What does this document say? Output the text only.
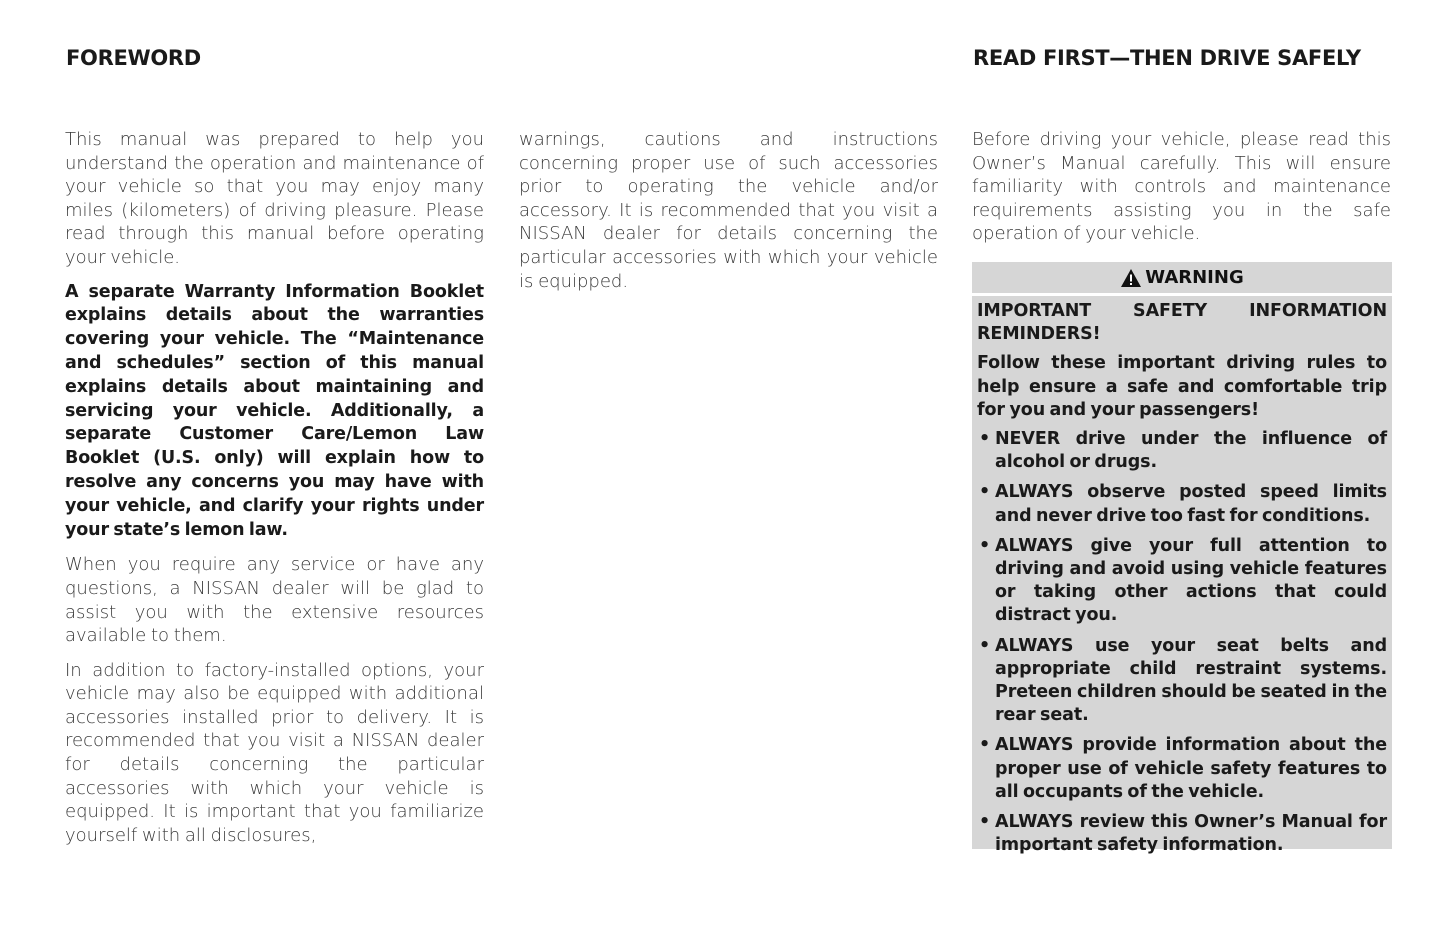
FOREWORD	READ FIRST—THEN DRIVE SAFELY

This manual was prepared to help you understand the operation and maintenance of your vehicle so that you may enjoy many miles (kilometers) of driving pleasure. Please read through this manual before operating your vehicle.

A separate Warranty Information Booklet explains details about the warranties covering your vehicle. The “Maintenance and schedules” section of this manual explains details about maintaining and servicing your vehicle. Additionally, a separate Customer Care/Lemon Law Booklet (U.S. only) will explain how to resolve any concerns you may have with your vehicle, and clarify your rights under your state’s lemon law.

When you require any service or have any questions, a NISSAN dealer will be glad to assist you with the extensive resources available to them.

In addition to factory-installed options, your vehicle may also be equipped with additional accessories installed prior to delivery. It is recommended that you visit a NISSAN dealer for details concerning the particular accessories with which your vehicle is equipped. It is important that you familiarize yourself with all disclosures,

warnings, cautions and instructions concerning proper use of such accessories prior to operating the vehicle and/or accessory. It is recommended that you visit a NISSAN dealer for details concerning the particular accessories with which your vehicle is equipped.

Before driving your vehicle, please read this Owner’s Manual carefully. This will ensure familiarity with controls and maintenance requirements assisting you in the safe operation of your vehicle.

WARNING

IMPORTANT SAFETY INFORMATION REMINDERS!

Follow these important driving rules to help ensure a safe and comfortable trip for you and your passengers!

• NEVER drive under the influence of alcohol or drugs.
• ALWAYS observe posted speed limits and never drive too fast for conditions.
• ALWAYS give your full attention to driving and avoid using vehicle features or taking other actions that could distract you.
• ALWAYS use your seat belts and appropriate child restraint systems. Preteen children should be seated in the rear seat.
• ALWAYS provide information about the proper use of vehicle safety features to all occupants of the vehicle.
• ALWAYS review this Owner’s Manual for important safety information.
